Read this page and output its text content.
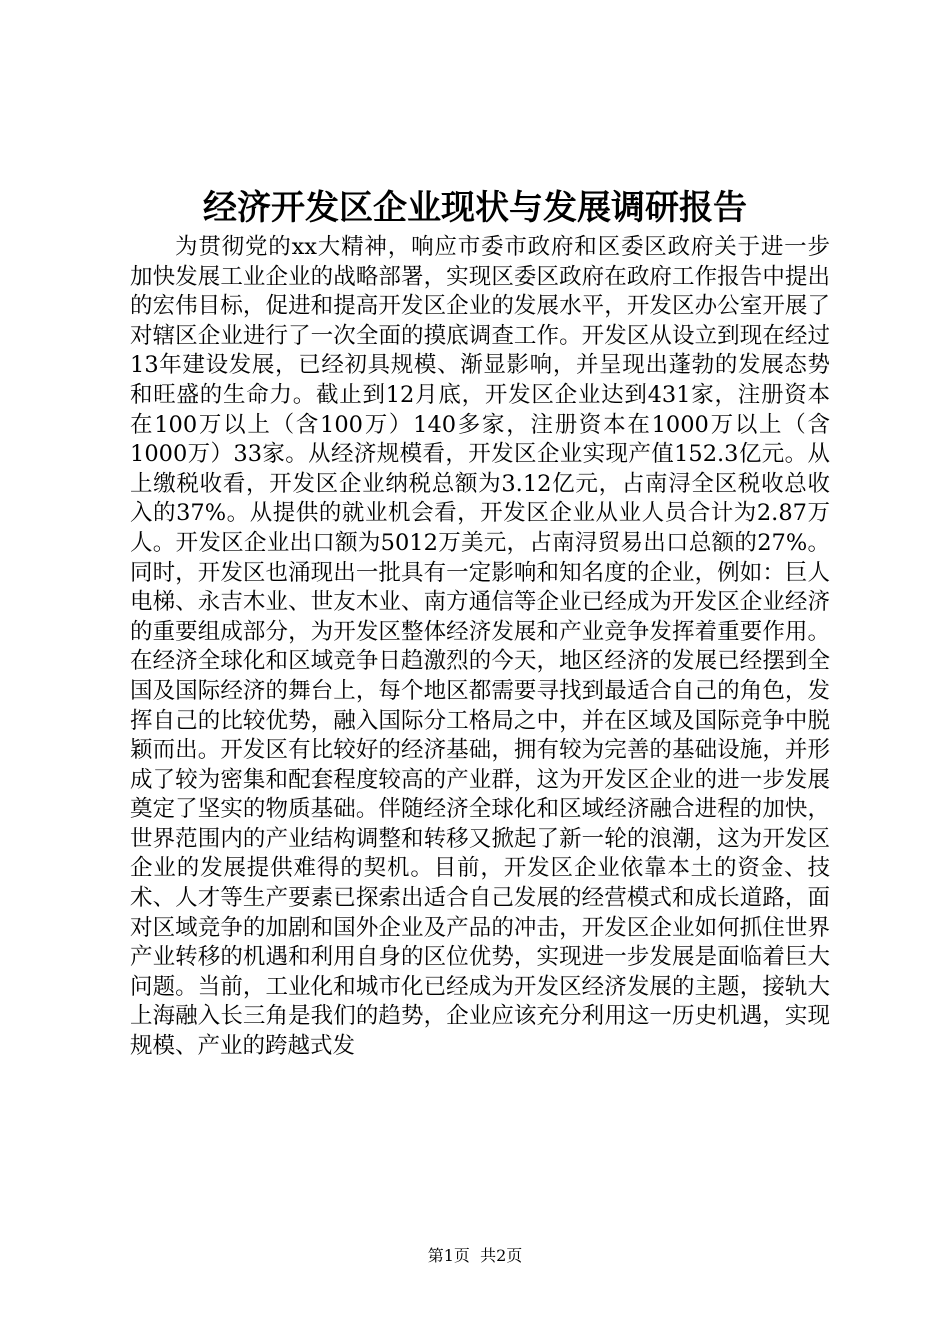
经济开发区企业现状与发展调研报告

为贯彻党的xx大精神，响应市委市政府和区委区政府关于进一步加快发展工业企业的战略部署，实现区委区政府在政府工作报告中提出的宏伟目标，促进和提高开发区企业的发展水平，开发区办公室开展了对辖区企业进行了一次全面的摸底调查工作。开发区从设立到现在经过13年建设发展，已经初具规模、渐显影响，并呈现出蓬勃的发展态势和旺盛的生命力。截止到12月底，开发区企业达到431家，注册资本在100万以上（含100万）140多家，注册资本在1000万以上（含1000万）33家。从经济规模看，开发区企业实现产值152.3亿元。从上缴税收看，开发区企业纳税总额为3.12亿元，占南浔全区税收总收入的37%。从提供的就业机会看，开发区企业从业人员合计为2.87万人。开发区企业出口额为5012万美元，占南浔贸易出口总额的27%。同时，开发区也涌现出一批具有一定影响和知名度的企业，例如：巨人电梯、永吉木业、世友木业、南方通信等企业已经成为开发区企业经济的重要组成部分，为开发区整体经济发展和产业竞争发挥着重要作用。在经济全球化和区域竞争日趋激烈的今天，地区经济的发展已经摆到全国及国际经济的舞台上，每个地区都需要寻找到最适合自己的角色，发挥自己的比较优势，融入国际分工格局之中，并在区域及国际竞争中脱颖而出。开发区有比较好的经济基础，拥有较为完善的基础设施，并形成了较为密集和配套程度较高的产业群，这为开发区企业的进一步发展奠定了坚实的物质基础。伴随经济全球化和区域经济融合进程的加快，世界范围内的产业结构调整和转移又掀起了新一轮的浪潮，这为开发区企业的发展提供难得的契机。目前，开发区企业依靠本土的资金、技术、人才等生产要素已探索出适合自己发展的经营模式和成长道路，面对区域竞争的加剧和国外企业及产品的冲击，开发区企业如何抓住世界产业转移的机遇和利用自身的区位优势，实现进一步发展是面临着巨大问题。当前，工业化和城市化已经成为开发区经济发展的主题，接轨大上海融入长三角是我们的趋势，企业应该充分利用这一历史机遇，实现规模、产业的跨越式发

第1页 共2页
